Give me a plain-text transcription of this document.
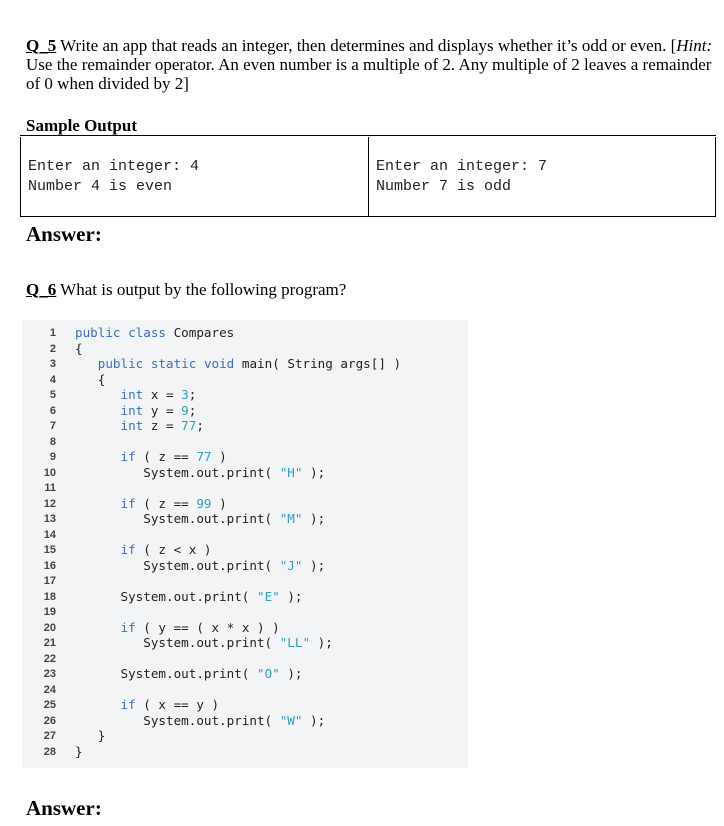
Q_5 Write an app that reads an integer, then determines and displays whether it’s odd or even. [Hint: Use the remainder operator. An even number is a multiple of 2. Any multiple of 2 leaves a remainder of 0 when divided by 2]

Sample Output
Enter an integer: 4
Number 4 is even
Enter an integer: 7
Number 7 is odd
Answer:
Q_6 What is output by the following program?
1 public class Compares
2 {
3	public static void main( String args[] )
4 {
5	int x = 3;
6	int y = 9;
7	int z = 77;
8
9	if ( z == 77 )
10 System.out.print( "H" );
11
12	if ( z == 99 )
13 System.out.print( "M" );
14
15	if ( z < x )
16 System.out.print( "J" );
17
18 System.out.print( "E" );
19
20	if ( y == ( x * x ) )
21 System.out.print( "LL" );
22
23 System.out.print( "O" );
24
25	if ( x == y )
26 System.out.print( "W" );
27 }
28 }
Answer:
